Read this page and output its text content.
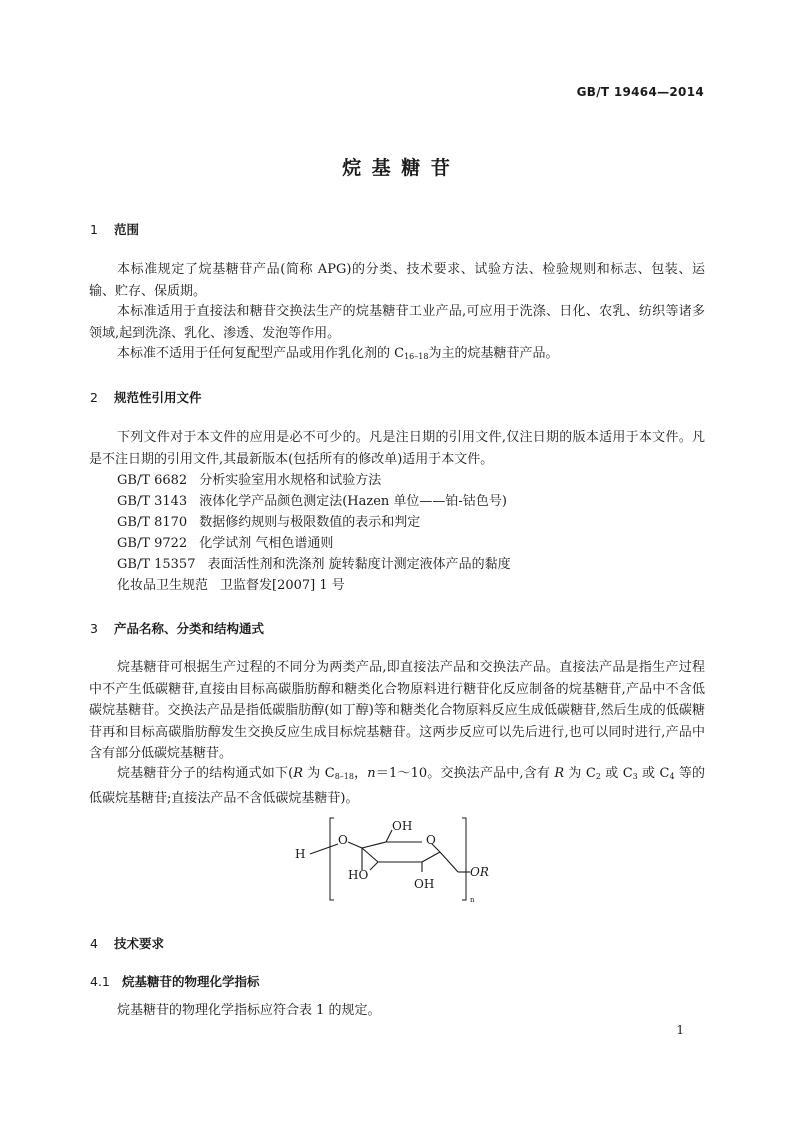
GB/T 19464—2014
烷 基 糖 苷
1 范围
本标准规定了烷基糖苷产品(简称 APG)的分类、技术要求、试验方法、检验规则和标志、包装、运输、贮存、保质期。
本标准适用于直接法和糖苷交换法生产的烷基糖苷工业产品,可应用于洗涤、日化、农乳、纺织等诸多领域,起到洗涤、乳化、渗透、发泡等作用。
本标准不适用于任何复配型产品或用作乳化剂的 $C_{16-18}$为主的烷基糖苷产品。
2 规范性引用文件
下列文件对于本文件的应用是必不可少的。凡是注日期的引用文件,仅注日期的版本适用于本文件。凡是不注日期的引用文件,其最新版本(包括所有的修改单)适用于本文件。
GB/T 6682 分析实验室用水规格和试验方法
GB/T 3143 液体化学产品颜色测定法(Hazen 单位——铂-钴色号)
GB/T 8170 数据修约规则与极限数值的表示和判定
GB/T 9722 化学试剂 气相色谱通则
GB/T 15357 表面活性剂和洗涤剂 旋转黏度计测定液体产品的黏度
化妆品卫生规范 卫监督发[2007] 1 号
3 产品名称、分类和结构通式
烷基糖苷可根据生产过程的不同分为两类产品,即直接法产品和交换法产品。直接法产品是指生产过程中不产生低碳糖苷,直接由目标高碳脂肪醇和糖类化合物原料进行糖苷化反应制备的烷基糖苷,产品中不含低碳烷基糖苷。交换法产品是指低碳脂肪醇(如丁醇)等和糖类化合物原料反应生成低碳糖苷,然后生成的低碳糖苷再和目标高碳脂肪醇发生交换反应生成目标烷基糖苷。这两步反应可以先后进行,也可以同时进行,产品中含有部分低碳烷基糖苷。
烷基糖苷分子的结构通式如下(R 为 $C_{8-18}$，n＝1～10。交换法产品中,含有 R 为 $C_2$ 或 $C_3$ 或 $C_4$ 等的低碳烷基糖苷;直接法产品不含低碳烷基糖苷)。
H
O
OH
O
HO
OH
OR
n
4 技术要求
4.1 烷基糖苷的物理化学指标
烷基糖苷的物理化学指标应符合表 1 的规定。
1
